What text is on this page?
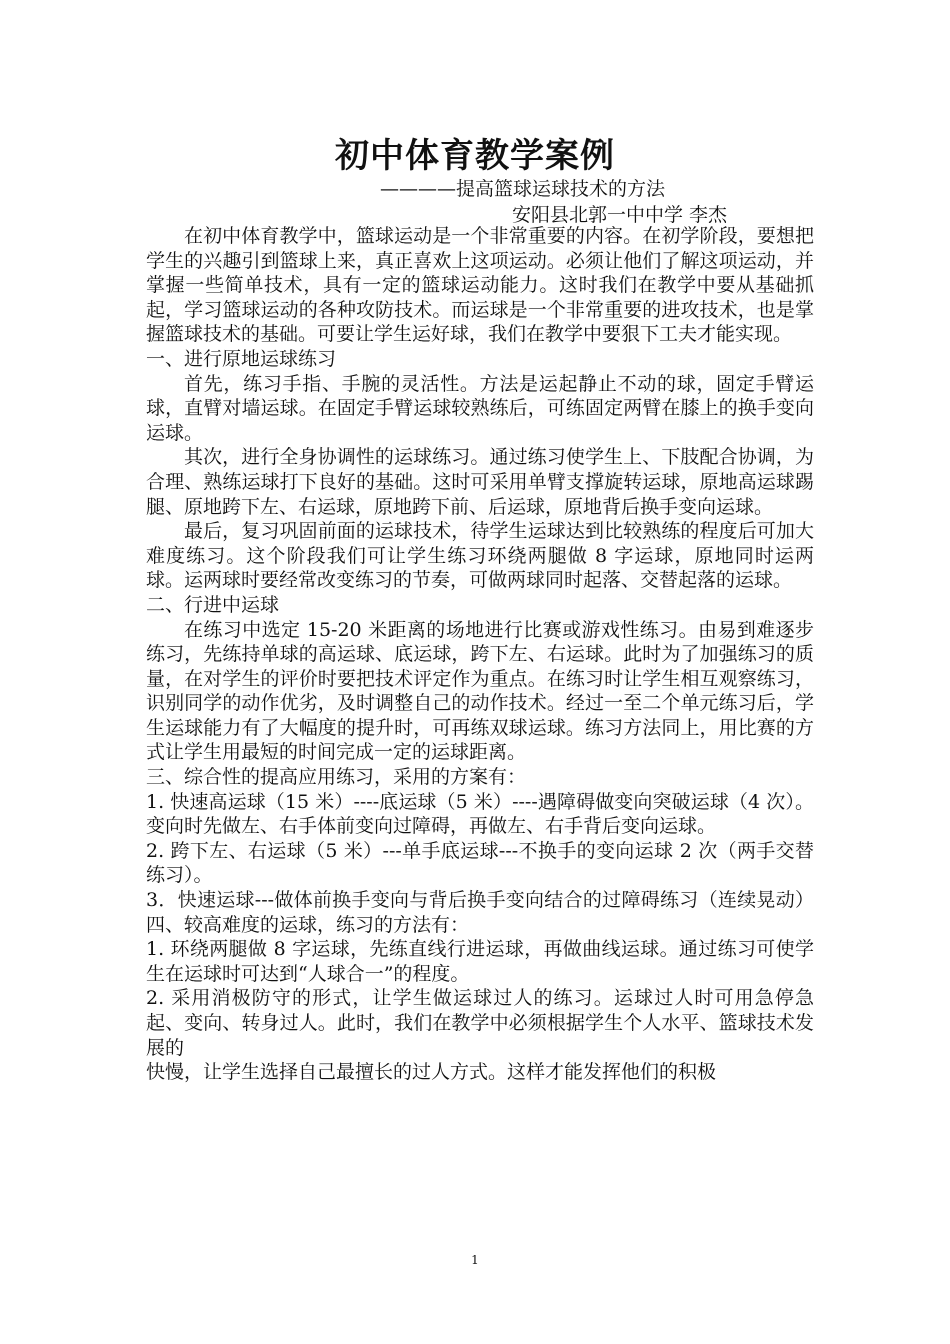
初中体育教学案例

————提高篮球运球技术的方法

安阳县北郭一中中学 李杰

在初中体育教学中，篮球运动是一个非常重要的内容。在初学阶段，要想把学生的兴趣引到篮球上来，真正喜欢上这项运动。必须让他们了解这项运动，并掌握一些简单技术，具有一定的篮球运动能力。这时我们在教学中要从基础抓起，学习篮球运动的各种攻防技术。而运球是一个非常重要的进攻技术，也是掌握篮球技术的基础。可要让学生运好球，我们在教学中要狠下工夫才能实现。

一、进行原地运球练习

首先，练习手指、手腕的灵活性。方法是运起静止不动的球，固定手臂运球，直臂对墙运球。在固定手臂运球较熟练后，可练固定两臂在膝上的换手变向运球。

其次，进行全身协调性的运球练习。通过练习使学生上、下肢配合协调，为合理、熟练运球打下良好的基础。这时可采用单臂支撑旋转运球，原地高运球踢腿、原地跨下左、右运球，原地跨下前、后运球，原地背后换手变向运球。

最后，复习巩固前面的运球技术，待学生运球达到比较熟练的程度后可加大难度练习。这个阶段我们可让学生练习环绕两腿做 8 字运球，原地同时运两球。运两球时要经常改变练习的节奏，可做两球同时起落、交替起落的运球。

二、行进中运球

在练习中选定 15-20 米距离的场地进行比赛或游戏性练习。由易到难逐步练习，先练持单球的高运球、底运球，跨下左、右运球。此时为了加强练习的质量，在对学生的评价时要把技术评定作为重点。在练习时让学生相互观察练习，识别同学的动作优劣，及时调整自己的动作技术。经过一至二个单元练习后，学生运球能力有了大幅度的提升时，可再练双球运球。练习方法同上，用比赛的方式让学生用最短的时间完成一定的运球距离。

三、综合性的提高应用练习，采用的方案有：

1. 快速高运球（15 米）----底运球（5 米）----遇障碍做变向突破运球（4 次）。变向时先做左、右手体前变向过障碍，再做左、右手背后变向运球。

2. 跨下左、右运球（5 米）---单手底运球---不换手的变向运球 2 次（两手交替练习）。

3．快速运球---做体前换手变向与背后换手变向结合的过障碍练习（连续晃动）四、较高难度的运球，练习的方法有：

1. 环绕两腿做 8 字运球，先练直线行进运球，再做曲线运球。通过练习可使学生在运球时可达到“人球合一”的程度。

2. 采用消极防守的形式，让学生做运球过人的练习。运球过人时可用急停急起、变向、转身过人。此时，我们在教学中必须根据学生个人水平、篮球技术发展的

快慢，让学生选择自己最擅长的过人方式。这样才能发挥他们的积极

1
